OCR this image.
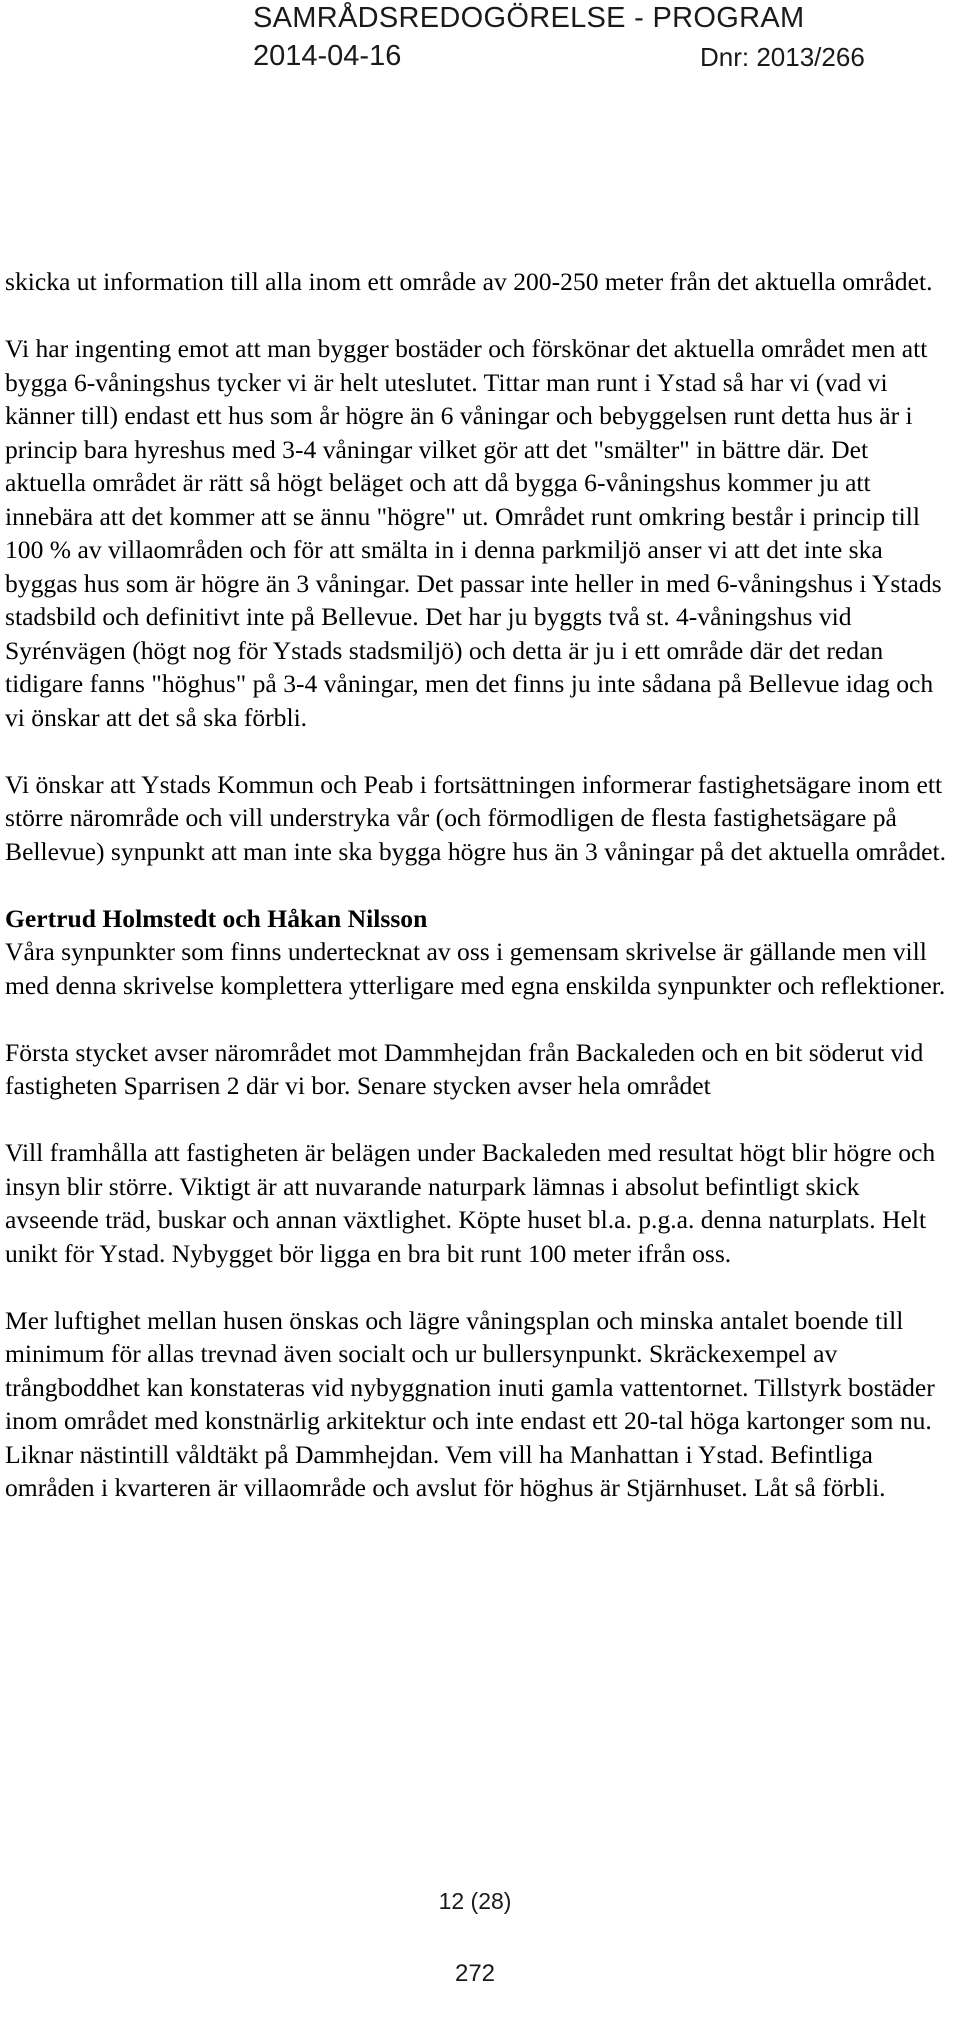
SAMRÅDSREDOGÖRELSE - PROGRAM
2014-04-16	Dnr: 2013/266

skicka ut information till alla inom ett område av 200-250 meter från det aktuella området.

Vi har ingenting emot att man bygger bostäder och förskönar det aktuella området men att bygga 6-våningshus tycker vi är helt uteslutet. Tittar man runt i Ystad så har vi (vad vi känner till) endast ett hus som år högre än 6 våningar och bebyggelsen runt detta hus är i princip bara hyreshus med 3-4 våningar vilket gör att det "smälter" in bättre där. Det aktuella området är rätt så högt beläget och att då bygga 6-våningshus kommer ju att innebära att det kommer att se ännu "högre" ut. Området runt omkring består i princip till 100 % av villaområden och för att smälta in i denna parkmiljö anser vi att det inte ska byggas hus som är högre än 3 våningar. Det passar inte heller in med 6-våningshus i Ystads stadsbild och definitivt inte på Bellevue. Det har ju byggts två st. 4-våningshus vid Syrénvägen (högt nog för Ystads stadsmiljö) och detta är ju i ett område där det redan tidigare fanns "höghus" på 3-4 våningar, men det finns ju inte sådana på Bellevue idag och vi önskar att det så ska förbli.

Vi önskar att Ystads Kommun och Peab i fortsättningen informerar fastighetsägare inom ett större närområde och vill understryka vår (och förmodligen de flesta fastighetsägare på Bellevue) synpunkt att man inte ska bygga högre hus än 3 våningar på det aktuella området.

Gertrud Holmstedt och Håkan Nilsson
Våra synpunkter som finns undertecknat av oss i gemensam skrivelse är gällande men vill med denna skrivelse komplettera ytterligare med egna enskilda synpunkter och reflektioner.

Första stycket avser närområdet mot Dammhejdan från Backaleden och en bit söderut vid fastigheten Sparrisen 2 där vi bor. Senare stycken avser hela området

Vill framhålla att fastigheten är belägen under Backaleden med resultat högt blir högre och insyn blir större. Viktigt är att nuvarande naturpark lämnas i absolut befintligt skick avseende träd, buskar och annan växtlighet. Köpte huset bl.a. p.g.a. denna naturplats. Helt unikt för Ystad. Nybygget bör ligga en bra bit runt 100 meter ifrån oss.

Mer luftighet mellan husen önskas och lägre våningsplan och minska antalet boende till minimum för allas trevnad även socialt och ur bullersynpunkt. Skräckexempel av trångboddhet kan konstateras vid nybyggnation inuti gamla vattentornet. Tillstyrk bostäder inom området med konstnärlig arkitektur och inte endast ett 20-tal höga kartonger som nu. Liknar nästintill våldtäkt på Dammhejdan. Vem vill ha Manhattan i Ystad. Befintliga områden i kvarteren är villaområde och avslut för höghus är Stjärnhuset. Låt så förbli.

12 (28)
272
